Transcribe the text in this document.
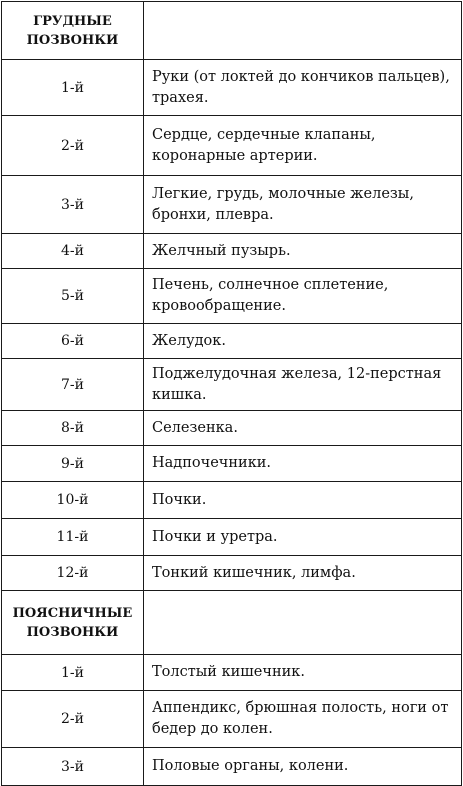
ГРУДНЫЕ ПОЗВОНКИ	
1-й	Руки (от локтей до кончиков пальцев), трахея.
2-й	Сердце, сердечные клапаны, коронарные артерии.
3-й	Легкие, грудь, молочные железы, бронхи, плевра.
4-й	Желчный пузырь.
5-й	Печень, солнечное сплетение, кровообращение.
6-й	Желудок.
7-й	Поджелудочная железа, 12-перстная кишка.
8-й	Селезенка.
9-й	Надпочечники.
10-й	Почки.
11-й	Почки и уретра.
12-й	Тонкий кишечник, лимфа.
ПОЯСНИЧНЫЕ ПОЗВОНКИ	
1-й	Толстый кишечник.
2-й	Аппендикс, брюшная полость, ноги от бедер до колен.
3-й	Половые органы, колени.
